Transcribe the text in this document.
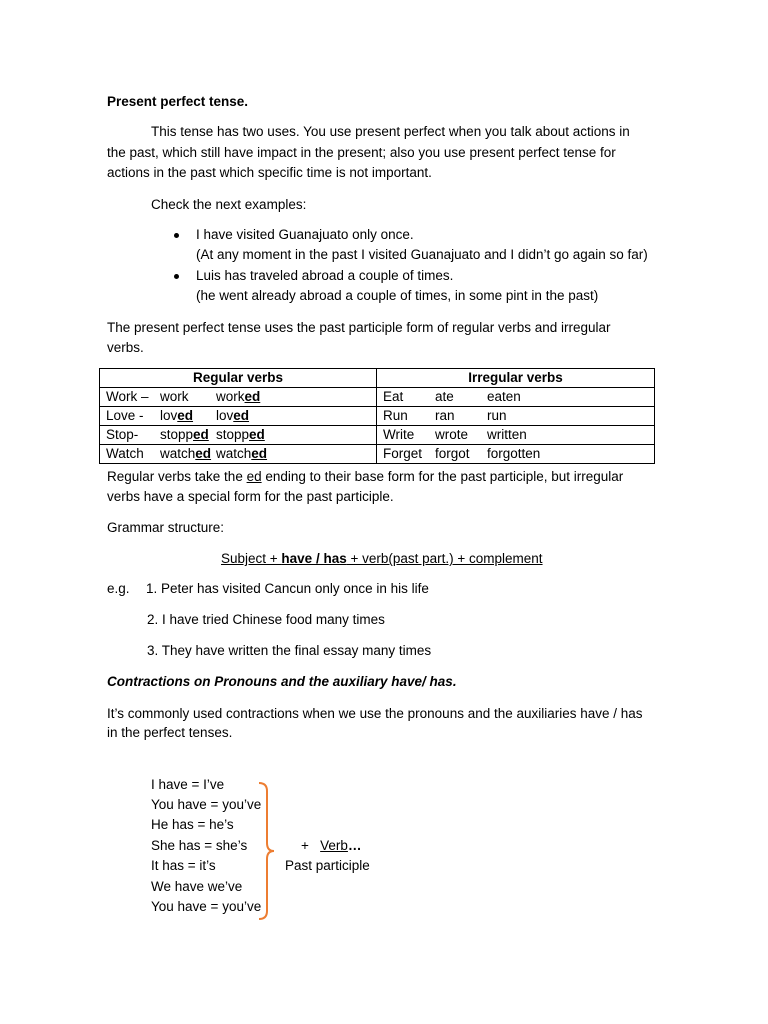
Present perfect tense.
This tense has two uses. You use present perfect when you talk about actions in
the past, which still have impact in the present; also you use present perfect tense for
actions in the past which specific time is not important.
Check the next examples:
I have visited Guanajuato only once.
(At any moment in the past I visited Guanajuato and I didn’t go again so far)
Luis has traveled abroad a couple of times.
(he went already abroad a couple of times, in some pint in the past)
The present perfect tense uses the past participle form of regular verbs and irregular
verbs.
Regular verbs	Irregular verbs
Work – work worked	Eat ate eaten
Love - loved loved	Run ran run
Stop- stopped stopped	Write wrote written
Watch watched watched	Forget forgot forgotten
Regular verbs take the ed ending to their base form for the past participle, but irregular
verbs have a special form for the past participle.
Grammar structure:
Subject + have / has + verb(past part.) + complement
e.g. 1. Peter has visited Cancun only once in his life
2. I have tried Chinese food many times
3. They have written the final essay many times
Contractions on Pronouns and the auxiliary have/ has.
It’s commonly used contractions when we use the pronouns and the auxiliaries have / has
in the perfect tenses.
I have = I’ve
You have = you’ve
He has = he’s
She has = she’s
It has = it’s
We have we’ve
You have = you’ve
+ Verb…
Past participle
